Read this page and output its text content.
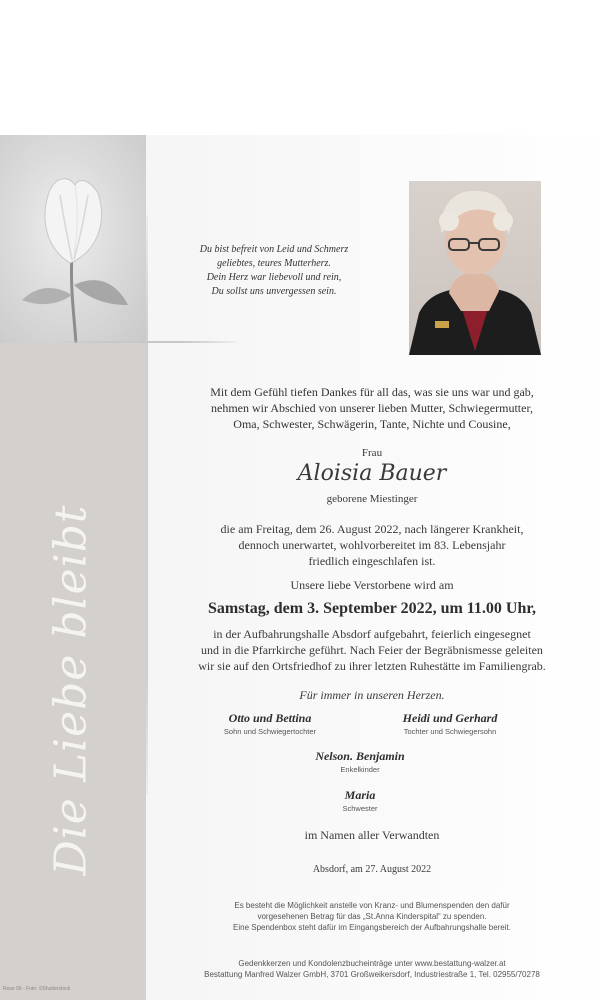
Die Liebe bleibt
Rose 06 - Foto: ©Shutterstock
Du bist befreit von Leid und Schmerz
geliebtes, teures Mutterherz.
Dein Herz war liebevoll und rein,
Du sollst uns unvergessen sein.
Mit dem Gefühl tiefen Dankes für all das, was sie uns war und gab,
nehmen wir Abschied von unserer lieben Mutter, Schwiegermutter,
Oma, Schwester, Schwägerin, Tante, Nichte und Cousine,
Frau
Aloisia Bauer
geborene Miestinger
die am Freitag, dem 26. August 2022, nach längerer Krankheit,
dennoch unerwartet, wohlvorbereitet im 83. Lebensjahr
friedlich eingeschlafen ist.
Unsere liebe Verstorbene wird am
Samstag, dem 3. September 2022, um 11.00 Uhr,
in der Aufbahrungshalle Absdorf aufgebahrt, feierlich eingesegnet
und in die Pfarrkirche geführt. Nach Feier der Begräbnismesse geleiten
wir sie auf den Ortsfriedhof zu ihrer letzten Ruhestätte im Familiengrab.
Für immer in unseren Herzen.
Otto und Bettina
Sohn und Schwiegertochter
Heidi und Gerhard
Tochter und Schwiegersohn
Nelson. Benjamin
Enkelkinder
Maria
Schwester
im Namen aller Verwandten
Absdorf, am 27. August 2022
Es besteht die Möglichkeit anstelle von Kranz- und Blumenspenden den dafür
vorgesehenen Betrag für das „St.Anna Kinderspital“ zu spenden.
Eine Spendenbox steht dafür im Eingangsbereich der Aufbahrungshalle bereit.
Gedenkkerzen und Kondolenzbucheinträge unter www.bestattung-walzer.at
Bestattung Manfred Walzer GmbH, 3701 Großweikersdorf, Industriestraße 1, Tel. 02955/70278
